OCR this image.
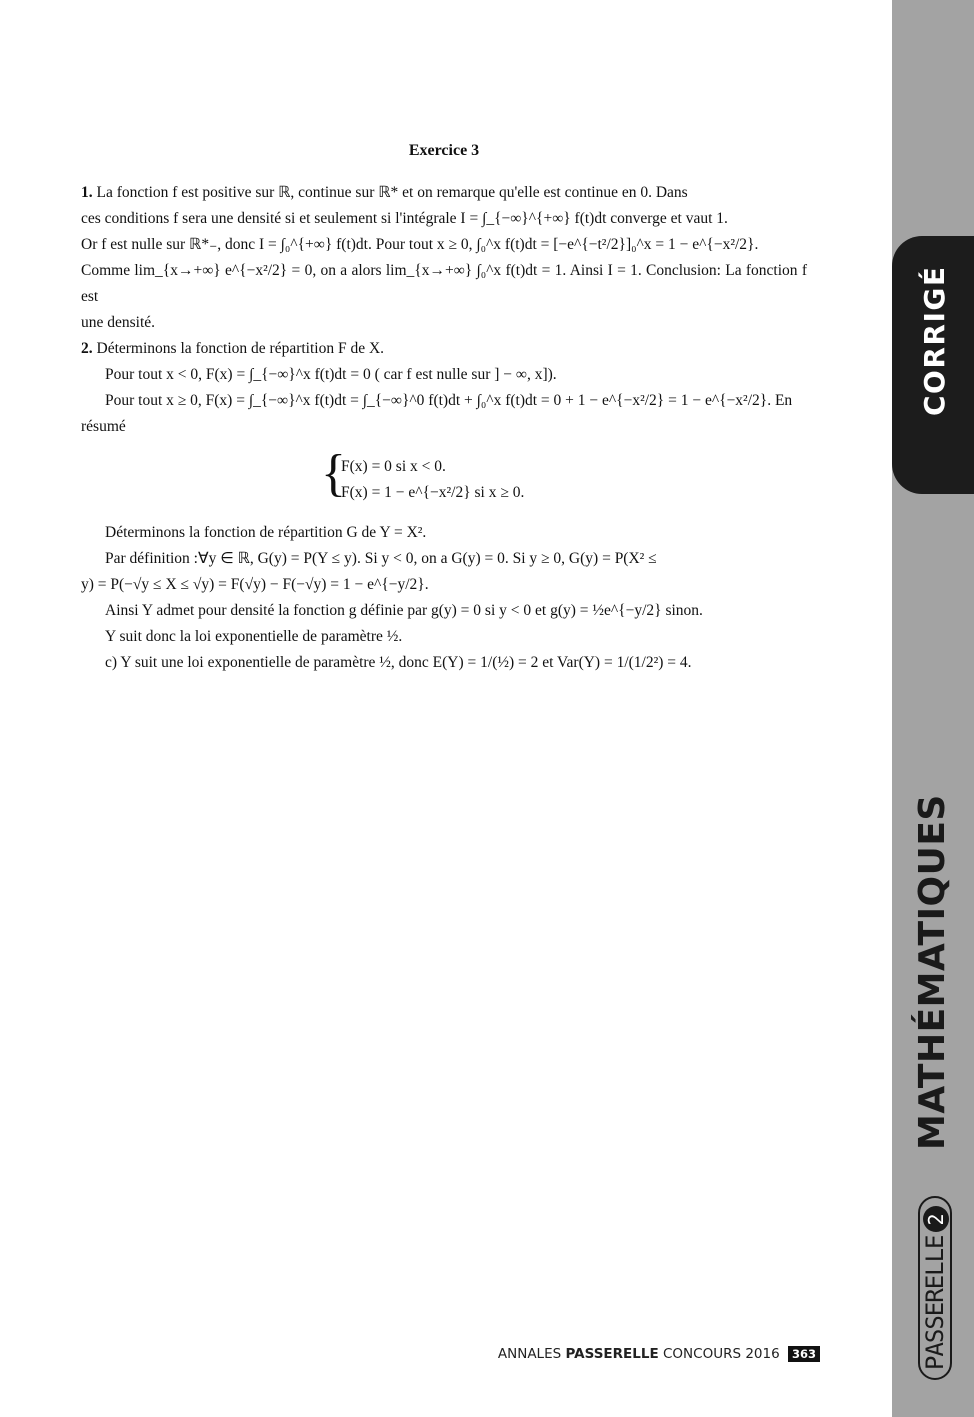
CORRIGÉ
MATHÉMATIQUES
PASSERELLE2
Exercice 3

1. La fonction f est positive sur ℝ, continue sur ℝ* et on remarque qu'elle est continue en 0. Dans
ces conditions f sera une densité si et seulement si l'intégrale I = ∫_{−∞}^{+∞} f(t)dt converge et vaut 1.
Or f est nulle sur ℝ*₋, donc I = ∫₀^{+∞} f(t)dt. Pour tout x ≥ 0, ∫₀^x f(t)dt = [−e^{−t²/2}]₀^x = 1 − e^{−x²/2}.
Comme lim_{x→+∞} e^{−x²/2} = 0, on a alors lim_{x→+∞} ∫₀^x f(t)dt = 1. Ainsi I = 1. Conclusion: La fonction f est
une densité.

2. Déterminons la fonction de répartition F de X.

Pour tout x < 0, F(x) = ∫_{−∞}^x f(t)dt = 0 ( car f est nulle sur ] − ∞, x]).

Pour tout x ≥ 0, F(x) = ∫_{−∞}^x f(t)dt = ∫_{−∞}^0 f(t)dt + ∫₀^x f(t)dt = 0 + 1 − e^{−x²/2} = 1 − e^{−x²/2}. En

résumé

{
F(x) = 0 si x < 0.
F(x) = 1 − e^{−x²/2} si x ≥ 0.

Déterminons la fonction de répartition G de Y = X².

Par définition :∀y ∈ ℝ, G(y) = P(Y ≤ y). Si y < 0, on a G(y) = 0. Si y ≥ 0, G(y) = P(X² ≤

y) = P(−√y ≤ X ≤ √y) = F(√y) − F(−√y) = 1 − e^{−y/2}.

Ainsi Y admet pour densité la fonction g définie par g(y) = 0 si y < 0 et g(y) = ½e^{−y/2} sinon.

Y suit donc la loi exponentielle de paramètre ½.

c) Y suit une loi exponentielle de paramètre ½, donc E(Y) = 1/(½) = 2 et Var(Y) = 1/(1/2²) = 4.

ANNALES PASSERELLE CONCOURS 2016 363
